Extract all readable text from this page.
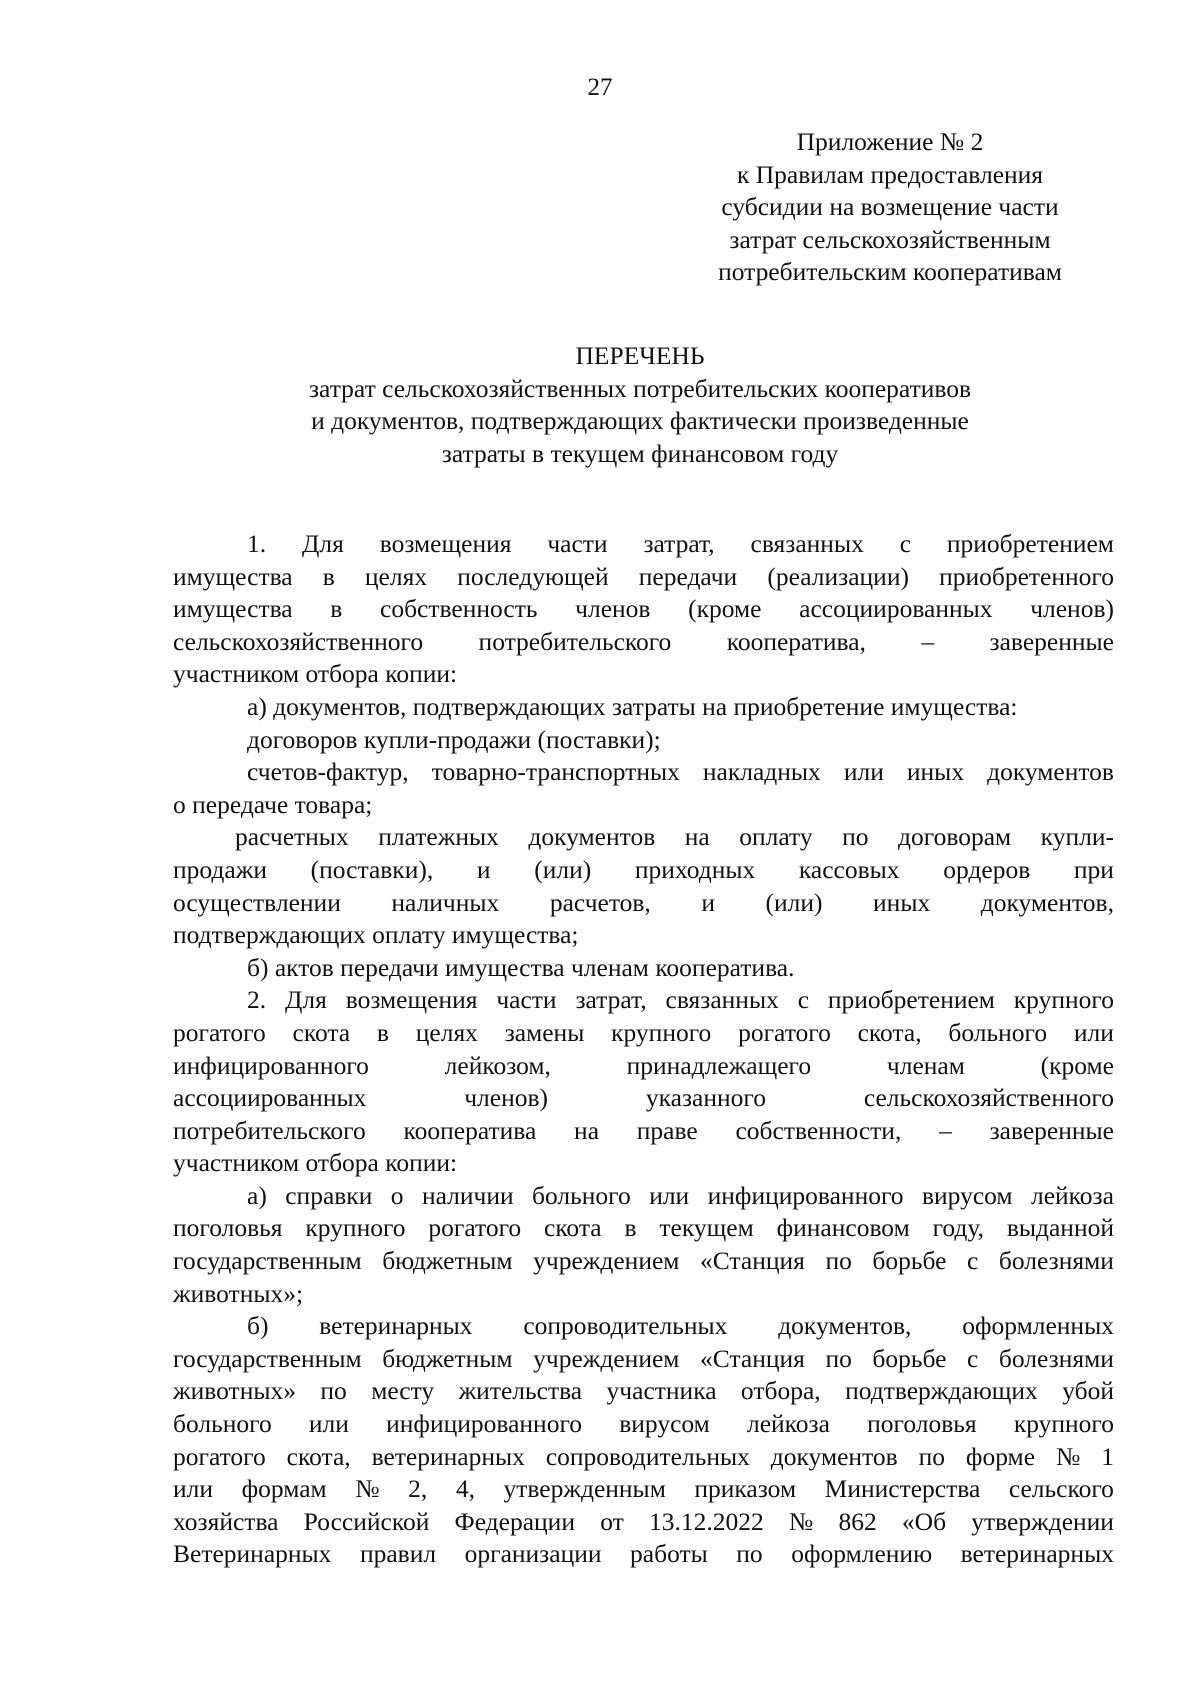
27
Приложение № 2
к Правилам предоставления
субсидии на возмещение части
затрат сельскохозяйственным
потребительским кооперативам
ПЕРЕЧЕНЬ
затрат сельскохозяйственных потребительских кооперативов
и документов, подтверждающих фактически произведенные
затраты в текущем финансовом году
1. Для возмещения части затрат, связанных с приобретением
имущества в целях последующей передачи (реализации) приобретенного
имущества в собственность членов (кроме ассоциированных членов)
сельскохозяйственного потребительского кооператива, – заверенные
участником отбора копии:
а) документов, подтверждающих затраты на приобретение имущества:
договоров купли-продажи (поставки);
счетов-фактур, товарно-транспортных накладных или иных документов
о передаче товара;
расчетных платежных документов на оплату по договорам купли-
продажи (поставки), и (или) приходных кассовых ордеров при
осуществлении наличных расчетов, и (или) иных документов,
подтверждающих оплату имущества;
б) актов передачи имущества членам кооператива.
2. Для возмещения части затрат, связанных с приобретением крупного
рогатого скота в целях замены крупного рогатого скота, больного или
инфицированного	лейкозом,	принадлежащего	членам	(кроме
ассоциированных	членов)	указанного	сельскохозяйственного
потребительского кооператива на праве собственности, – заверенные
участником отбора копии:
а) справки о наличии больного или инфицированного вирусом лейкоза
поголовья крупного рогатого скота в текущем финансовом году, выданной
государственным бюджетным учреждением «Станция по борьбе с болезнями
животных»;
б) ветеринарных сопроводительных документов, оформленных
государственным бюджетным учреждением «Станция по борьбе с болезнями
животных» по месту жительства участника отбора, подтверждающих убой
больного или инфицированного вирусом лейкоза поголовья крупного
рогатого скота, ветеринарных сопроводительных документов по форме № 1
или формам № 2, 4, утвержденным приказом Министерства сельского
хозяйства Российской Федерации от 13.12.2022 № 862 «Об утверждении
Ветеринарных правил организации работы по оформлению ветеринарных
